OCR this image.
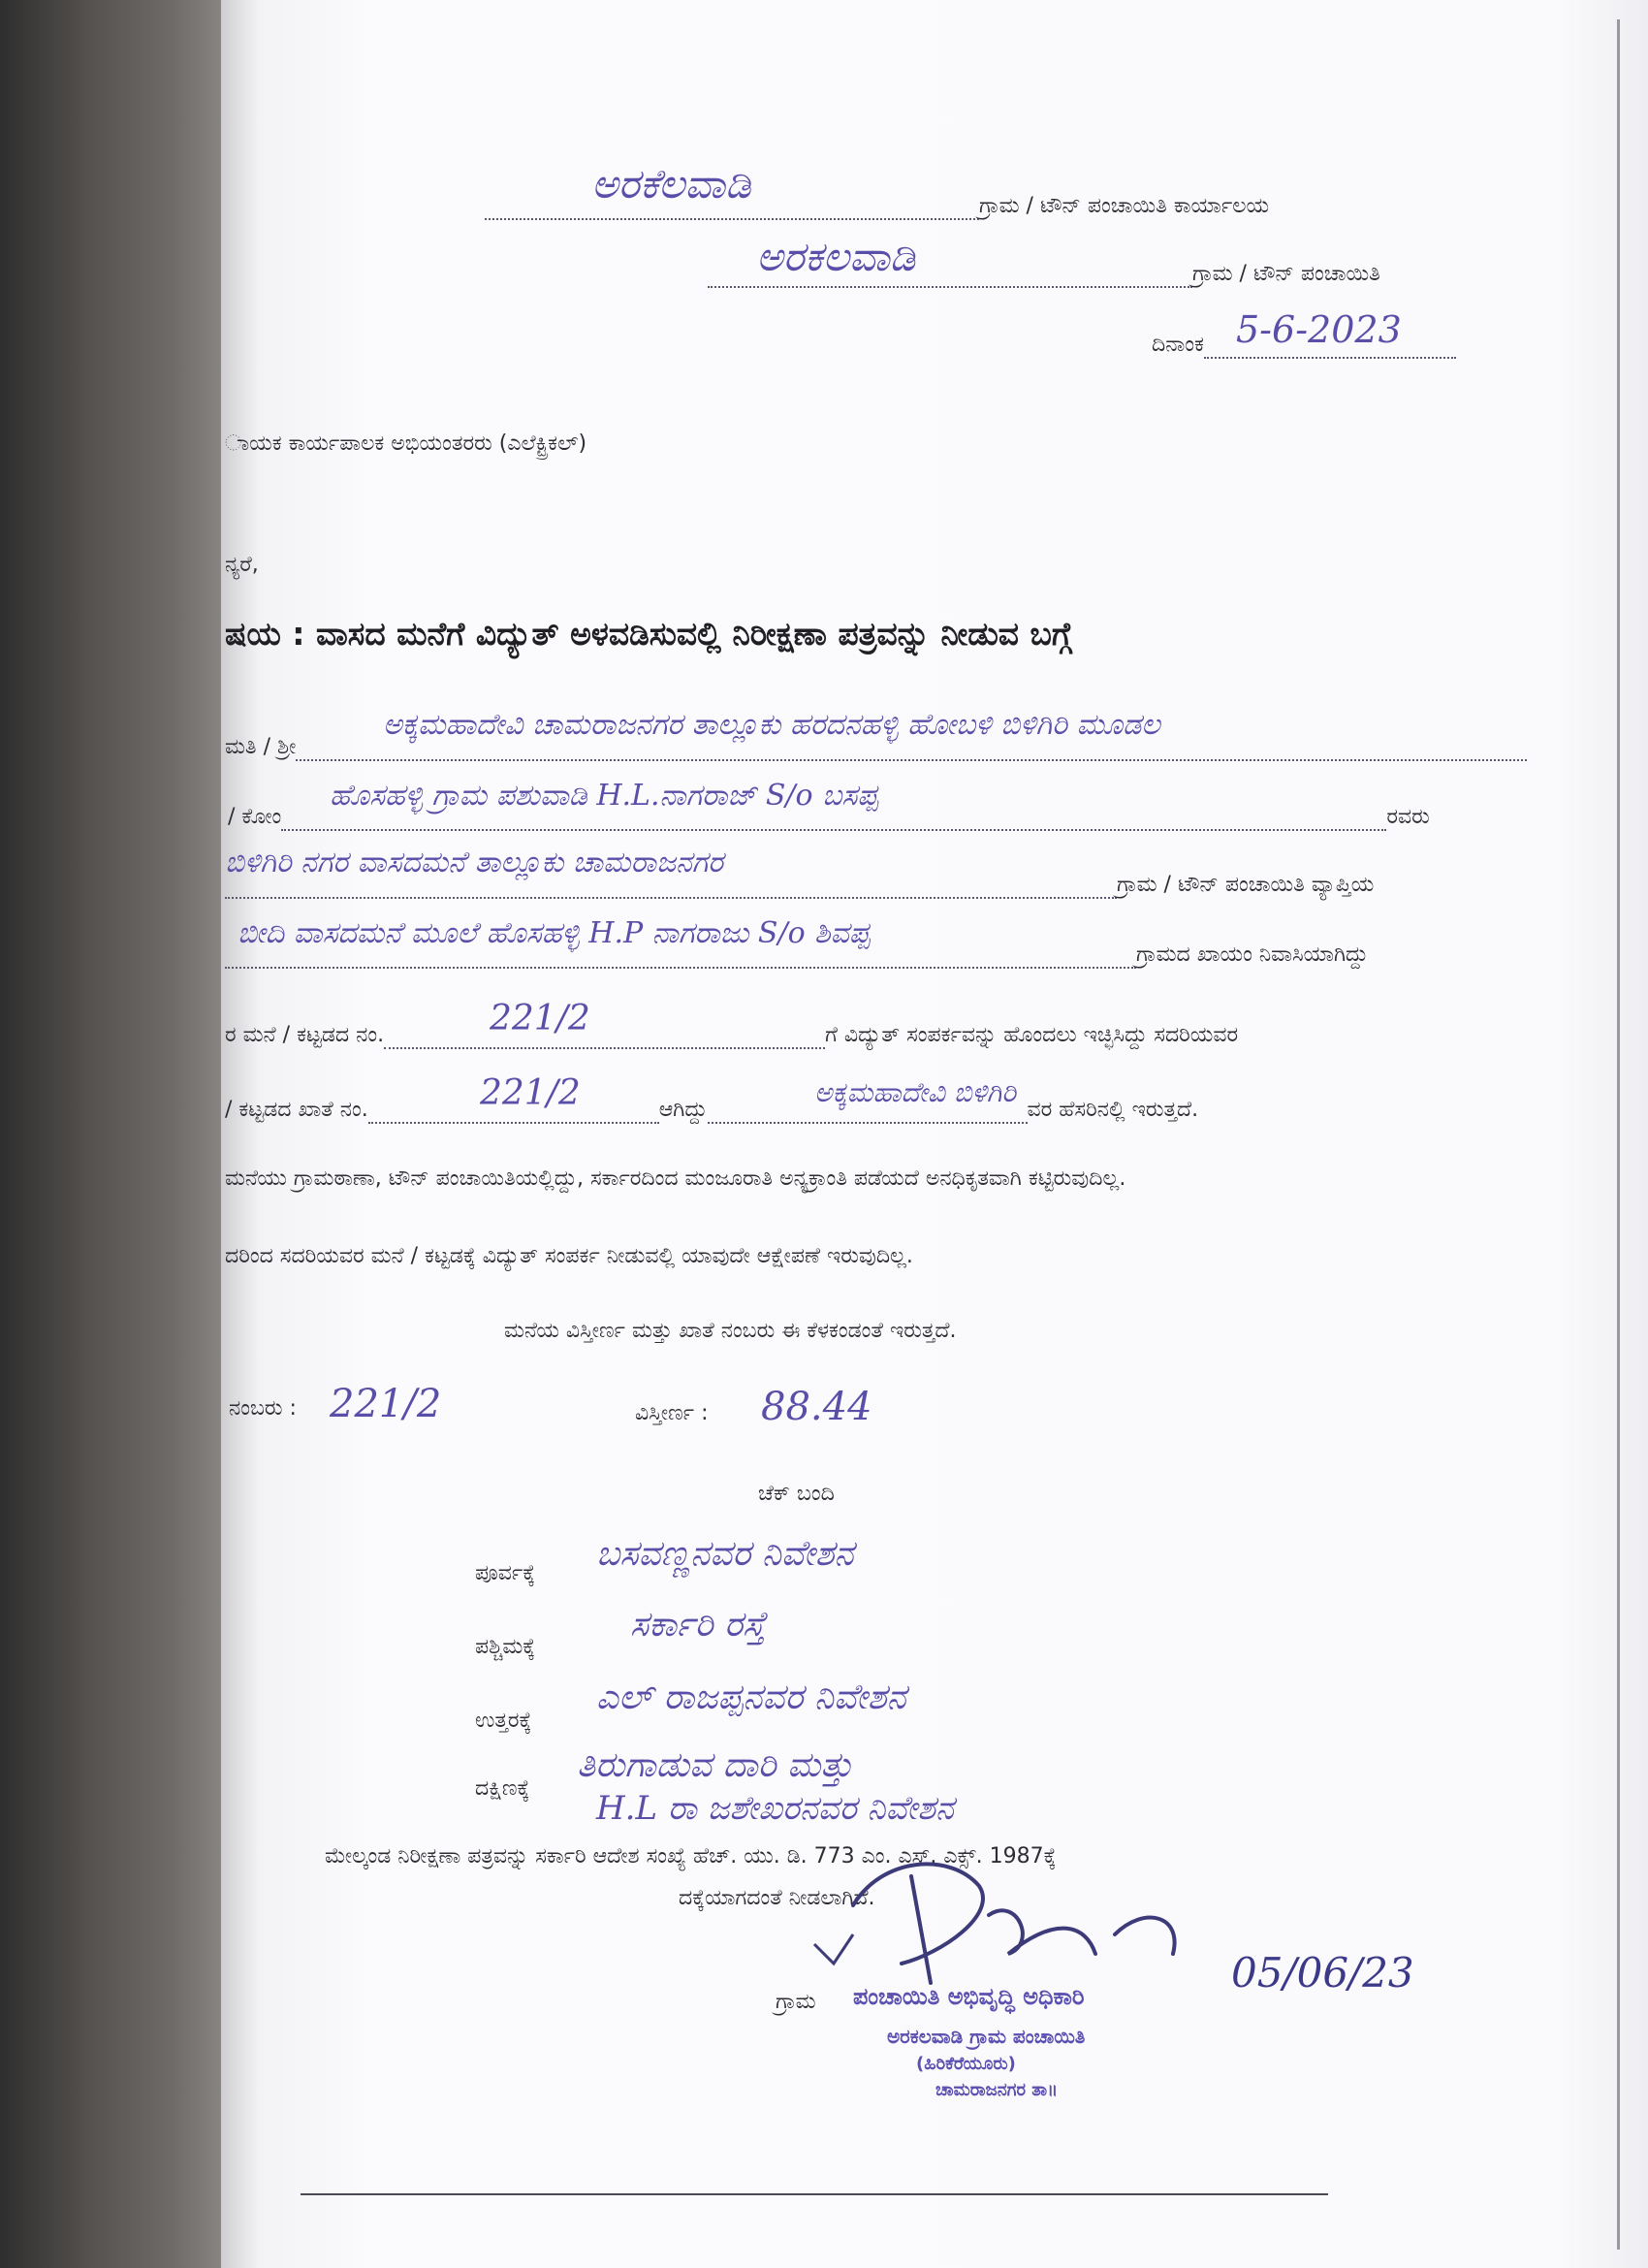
ಗ್ರಾಮ / ಟೌನ್ ಪಂಚಾಯಿತಿ ಕಾರ್ಯಾಲಯ
ಅರಕೆಲವಾಡಿ
ಗ್ರಾಮ / ಟೌನ್ ಪಂಚಾಯಿತಿ
ಅರಕಲವಾಡಿ
ದಿನಾಂಕ 5-6-2023
ಾಯಕ ಕಾರ್ಯಪಾಲಕ ಅಭಿಯಂತರರು (ಎಲೆಕ್ಟ್ರಿಕಲ್)
ನ್ಯರೆ,
ಷಯ : ವಾಸದ ಮನೆಗೆ ವಿದ್ಯುತ್ ಅಳವಡಿಸುವಲ್ಲಿ ನಿರೀಕ್ಷಣಾ ಪತ್ರವನ್ನು ನೀಡುವ ಬಗ್ಗೆ
ಮತಿ / ಶ್ರೀ
ಅಕ್ಕಮಹಾದೇವಿ ಚಾಮರಾಜನಗರ ತಾಲ್ಲೂಕು ಹರದನಹಳ್ಳಿ ಹೋಬಳಿ ಬಿಳಿಗಿರಿ ಮೂಡಲ
/ ಕೋಂ	ರವರು
ಹೊಸಹಳ್ಳಿ ಗ್ರಾಮ ಪಶುವಾಡಿ H.L.ನಾಗರಾಜ್ S/o ಬಸಪ್ಪ
ಗ್ರಾಮ / ಟೌನ್ ಪಂಚಾಯಿತಿ ವ್ಯಾಪ್ತಿಯ
ಬಿಳಿಗಿರಿ ನಗರ ವಾಸದಮನೆ ತಾಲ್ಲೂಕು ಚಾಮರಾಜನಗರ
ಗ್ರಾಮದ ಖಾಯಂ ನಿವಾಸಿಯಾಗಿದ್ದು
ಬೀದಿ ವಾಸದಮನೆ ಮೂಲೆ ಹೊಸಹಳ್ಳಿ H.P ನಾಗರಾಜು S/o ಶಿವಪ್ಪ
ರ ಮನೆ / ಕಟ್ಟಡದ ನಂ.	ಗೆ ವಿದ್ಯುತ್ ಸಂಪರ್ಕವನ್ನು ಹೊಂದಲು ಇಚ್ಛಿಸಿದ್ದು ಸದರಿಯವರ
221/2
/ ಕಟ್ಟಡದ ಖಾತೆ ನಂ.	ಆಗಿದ್ದು	ವರ ಹೆಸರಿನಲ್ಲಿ ಇರುತ್ತದೆ.
221/2	ಅಕ್ಕಮಹಾದೇವಿ ಬಿಳಿಗಿರಿ
ಮನೆಯು ಗ್ರಾಮಠಾಣಾ, ಟೌನ್ ಪಂಚಾಯಿತಿಯಲ್ಲಿದ್ದು, ಸರ್ಕಾರದಿಂದ ಮಂಜೂರಾತಿ ಅನ್ಯಕ್ರಾಂತಿ ಪಡೆಯದೆ ಅನಧಿಕೃತವಾಗಿ ಕಟ್ಟಿರುವುದಿಲ್ಲ.
ದರಿಂದ ಸದರಿಯವರ ಮನೆ / ಕಟ್ಟಡಕ್ಕೆ ವಿದ್ಯುತ್ ಸಂಪರ್ಕ ನೀಡುವಲ್ಲಿ ಯಾವುದೇ ಆಕ್ಷೇಪಣೆ ಇರುವುದಿಲ್ಲ.
ಮನೆಯ ವಿಸ್ತೀರ್ಣ ಮತ್ತು ಖಾತೆ ನಂಬರು ಈ ಕೆಳಕಂಡಂತೆ ಇರುತ್ತದೆ.
ನಂಬರು : 221/2	ವಿಸ್ತೀರ್ಣ : 88.44
ಚೆಕ್ ಬಂದಿ
ಪೂರ್ವಕ್ಕೆ ಬಸವಣ್ಣನವರ ನಿವೇಶನ
ಪಶ್ಚಿಮಕ್ಕೆ
ಸರ್ಕಾರಿ ರಸ್ತೆ
ಉತ್ತರಕ್ಕೆ
ಎಲ್ ರಾಜಪ್ಪನವರ ನಿವೇಶನ
ದಕ್ಷಿಣಕ್ಕೆ
ತಿರುಗಾಡುವ ದಾರಿ ಮತ್ತು
H.L ರಾ ಜಶೇಖರನವರ ನಿವೇಶನ
ಮೇಲ್ಕಂಡ ನಿರೀಕ್ಷಣಾ ಪತ್ರವನ್ನು ಸರ್ಕಾರಿ ಆದೇಶ ಸಂಖ್ಯೆ ಹೆಚ್. ಯು. ಡಿ. 773 ಎಂ. ಎಸ್. ಎಕ್ಸ್. 1987ಕ್ಕೆ
ದಕ್ಕೆಯಾಗದಂತೆ ನೀಡಲಾಗಿದೆ.
ಗ್ರಾಮ ಪಂಚಾಯಿತಿ ಅಭಿವೃದ್ಧಿ ಅಧಿಕಾರಿ
ಅರಕಲವಾಡಿ ಗ್ರಾಮ ಪಂಚಾಯಿತಿ
(ಹಿರಿಕೆರೆಯೂರು)
ಚಾಮರಾಜನಗರ ತಾ॥
05/06/23
